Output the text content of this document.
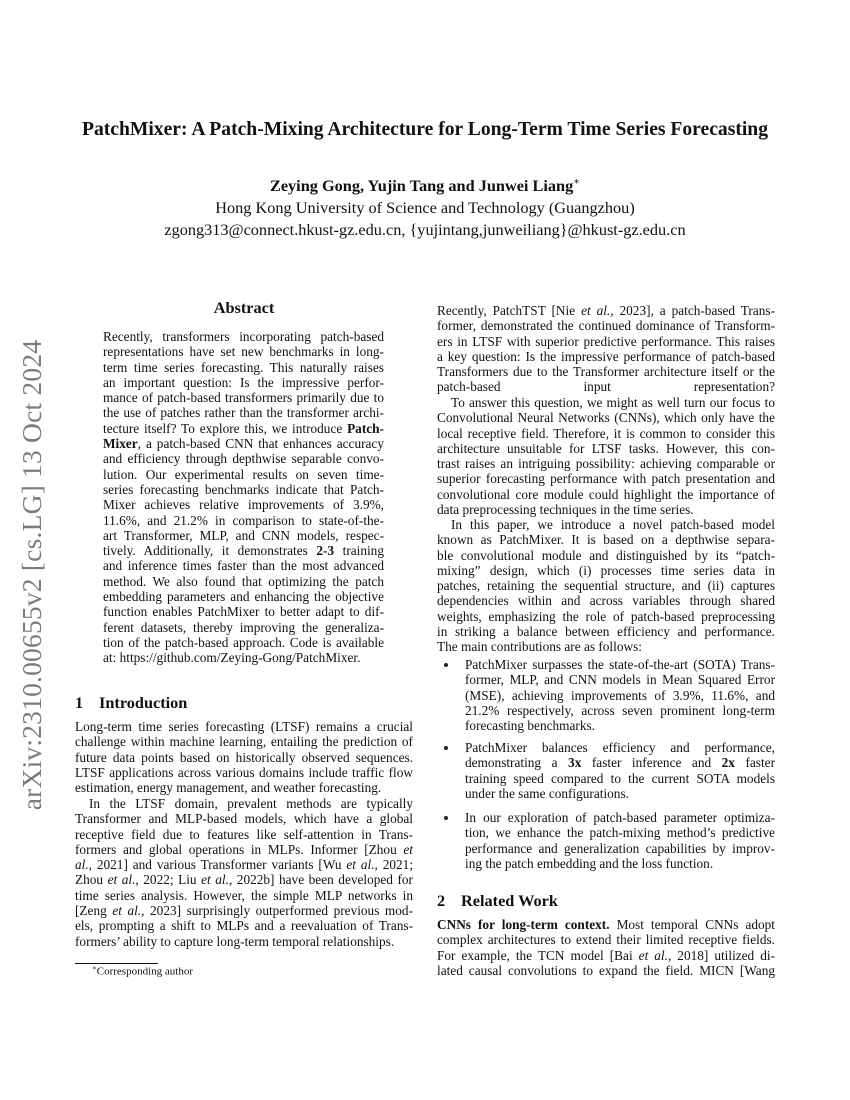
arXiv:2310.00655v2 [cs.LG] 13 Oct 2024
PatchMixer: A Patch-Mixing Architecture for Long-Term Time Series Forecasting
Zeying Gong, Yujin Tang and Junwei Liang∗
Hong Kong University of Science and Technology (Guangzhou)
zgong313@connect.hkust-gz.edu.cn, {yujintang,junweiliang}@hkust-gz.edu.cn
Abstract
Recently, transformers incorporating patch-based
representations have set new benchmarks in long-
term time series forecasting. This naturally raises
an important question: Is the impressive perfor-
mance of patch-based transformers primarily due to
the use of patches rather than the transformer archi-
tecture itself? To explore this, we introduce Patch-
Mixer, a patch-based CNN that enhances accuracy
and efficiency through depthwise separable convo-
lution. Our experimental results on seven time-
series forecasting benchmarks indicate that Patch-
Mixer achieves relative improvements of 3.9%,
11.6%, and 21.2% in comparison to state-of-the-
art Transformer, MLP, and CNN models, respec-
tively. Additionally, it demonstrates 2-3 training
and inference times faster than the most advanced
method. We also found that optimizing the patch
embedding parameters and enhancing the objective
function enables PatchMixer to better adapt to dif-
ferent datasets, thereby improving the generaliza-
tion of the patch-based approach. Code is available
at: https://github.com/Zeying-Gong/PatchMixer.
1 Introduction
Long-term time series forecasting (LTSF) remains a crucial
challenge within machine learning, entailing the prediction of
future data points based on historically observed sequences.
LTSF applications across various domains include traffic flow
estimation, energy management, and weather forecasting.
In the LTSF domain, prevalent methods are typically
Transformer and MLP-based models, which have a global
receptive field due to features like self-attention in Trans-
formers and global operations in MLPs. Informer [Zhou et
al., 2021] and various Transformer variants [Wu et al., 2021;
Zhou et al., 2022; Liu et al., 2022b] have been developed for
time series analysis. However, the simple MLP networks in
[Zeng et al., 2023] surprisingly outperformed previous mod-
els, prompting a shift to MLPs and a reevaluation of Trans-
formers’ ability to capture long-term temporal relationships.
∗Corresponding author
Recently, PatchTST [Nie et al., 2023], a patch-based Trans-
former, demonstrated the continued dominance of Transform-
ers in LTSF with superior predictive performance. This raises
a key question: Is the impressive performance of patch-based
Transformers due to the Transformer architecture itself or the
patch-based input representation?
To answer this question, we might as well turn our focus to
Convolutional Neural Networks (CNNs), which only have the
local receptive field. Therefore, it is common to consider this
architecture unsuitable for LTSF tasks. However, this con-
trast raises an intriguing possibility: achieving comparable or
superior forecasting performance with patch presentation and
convolutional core module could highlight the importance of
data preprocessing techniques in the time series.
In this paper, we introduce a novel patch-based model
known as PatchMixer. It is based on a depthwise separa-
ble convolutional module and distinguished by its “patch-
mixing” design, which (i) processes time series data in
patches, retaining the sequential structure, and (ii) captures
dependencies within and across variables through shared
weights, emphasizing the role of patch-based preprocessing
in striking a balance between efficiency and performance.
The main contributions are as follows:
PatchMixer surpasses the state-of-the-art (SOTA) Trans-
former, MLP, and CNN models in Mean Squared Error
(MSE), achieving improvements of 3.9%, 11.6%, and
21.2% respectively, across seven prominent long-term
forecasting benchmarks.
PatchMixer balances efficiency and performance,
demonstrating a 3x faster inference and 2x faster
training speed compared to the current SOTA models
under the same configurations.
In our exploration of patch-based parameter optimiza-
tion, we enhance the patch-mixing method’s predictive
performance and generalization capabilities by improv-
ing the patch embedding and the loss function.
2 Related Work
CNNs for long-term context. Most temporal CNNs adopt
complex architectures to extend their limited receptive fields.
For example, the TCN model [Bai et al., 2018] utilized di-
lated causal convolutions to expand the field. MICN [Wang
